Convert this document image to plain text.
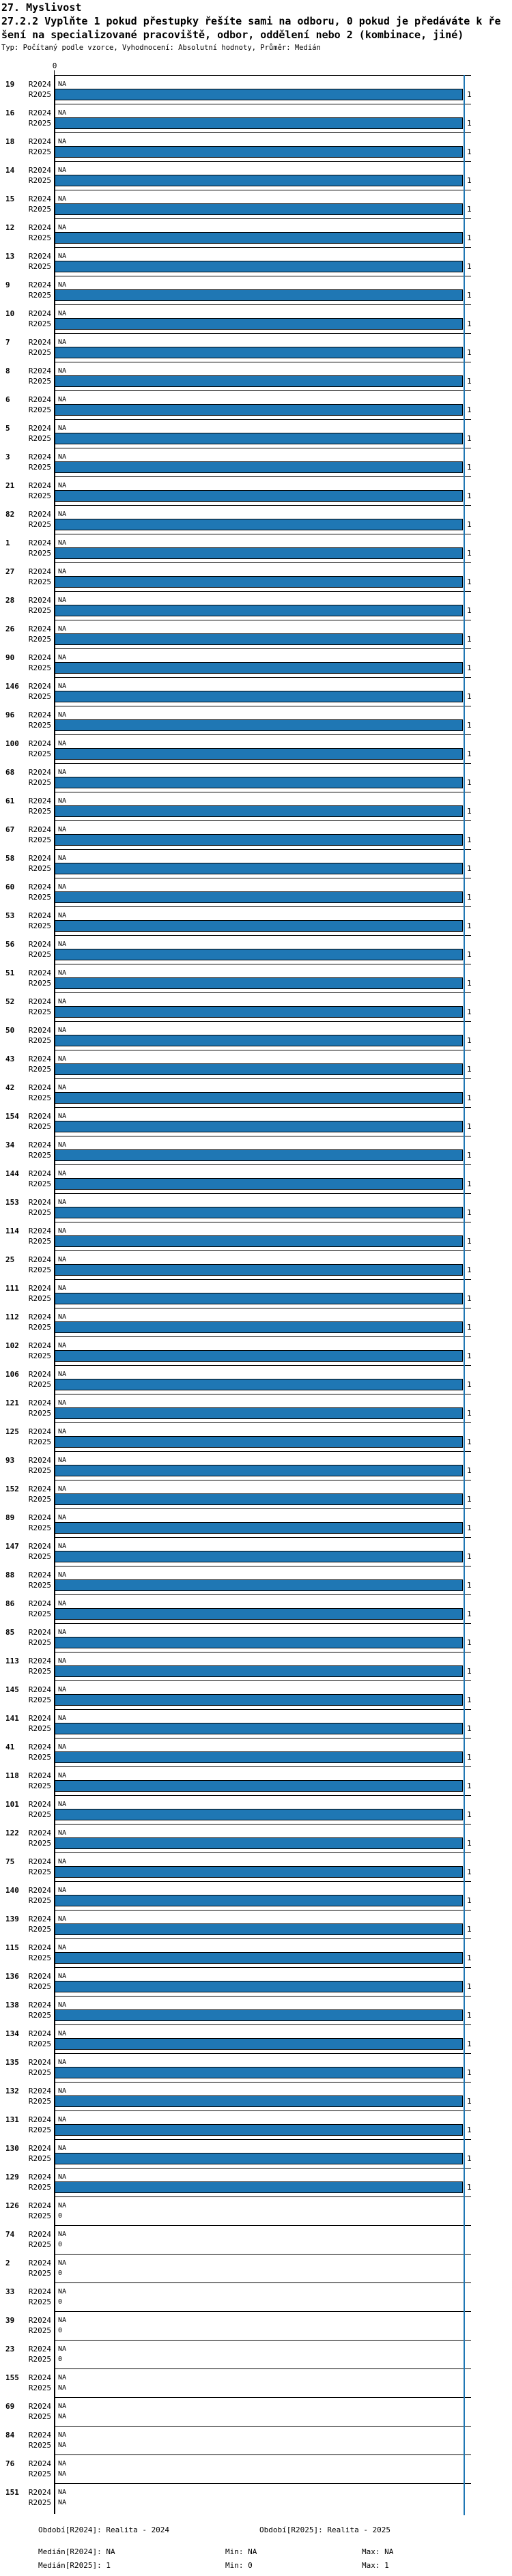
27. Myslivost
27.2.2 Vyplňte 1 pokud přestupky řešíte sami na odboru, 0 pokud je předáváte k ře
šení na specializované pracoviště, odbor, oddělení nebo 2 (kombinace, jiné)
Typ: Počítaný podle vzorce, Vyhodnocení: Absolutní hodnoty, Průměr: Medián
0
19	R2024
R2025
NA
1
16	R2024
R2025
NA
1
18	R2024
R2025
NA
1
14	R2024
R2025
NA
1
15	R2024
R2025
NA
1
12	R2024
R2025
NA
1
13	R2024
R2025
NA
1
9	R2024
R2025
NA
1
10	R2024
R2025
NA
1
7	R2024
R2025
NA
1
8	R2024
R2025
NA
1
6	R2024
R2025
NA
1
5	R2024
R2025
NA
1
3	R2024
R2025
NA
1
21	R2024
R2025
NA
1
82	R2024
R2025
NA
1
1	R2024
R2025
NA
1
27	R2024
R2025
NA
1
28	R2024
R2025
NA
1
26	R2024
R2025
NA
1
90	R2024
R2025
NA
1
146	R2024
R2025
NA
1
96	R2024
R2025
NA
1
100	R2024
R2025
NA
1
68	R2024
R2025
NA
1
61	R2024
R2025
NA
1
67	R2024
R2025
NA
1
58	R2024
R2025
NA
1
60	R2024
R2025
NA
1
53	R2024
R2025
NA
1
56	R2024
R2025
NA
1
51	R2024
R2025
NA
1
52	R2024
R2025
NA
1
50	R2024
R2025
NA
1
43	R2024
R2025
NA
1
42	R2024
R2025
NA
1
154	R2024
R2025
NA
1
34	R2024
R2025
NA
1
144	R2024
R2025
NA
1
153	R2024
R2025
NA
1
114	R2024
R2025
NA
1
25	R2024
R2025
NA
1
111	R2024
R2025
NA
1
112	R2024
R2025
NA
1
102	R2024
R2025
NA
1
106	R2024
R2025
NA
1
121	R2024
R2025
NA
1
125	R2024
R2025
NA
1
93	R2024
R2025
NA
1
152	R2024
R2025
NA
1
89	R2024
R2025
NA
1
147	R2024
R2025
NA
1
88	R2024
R2025
NA
1
86	R2024
R2025
NA
1
85	R2024
R2025
NA
1
113	R2024
R2025
NA
1
145	R2024
R2025
NA
1
141	R2024
R2025
NA
1
41	R2024
R2025
NA
1
118	R2024
R2025
NA
1
101	R2024
R2025
NA
1
122	R2024
R2025
NA
1
75	R2024
R2025
NA
1
140	R2024
R2025
NA
1
139	R2024
R2025
NA
1
115	R2024
R2025
NA
1
136	R2024
R2025
NA
1
138	R2024
R2025
NA
1
134	R2024
R2025
NA
1
135	R2024
R2025
NA
1
132	R2024
R2025
NA
1
131	R2024
R2025
NA
1
130	R2024
R2025
NA
1
129	R2024
R2025
NA
1
126	R2024
R2025
NA
0
74	R2024
R2025
NA
0
2	R2024
R2025
NA
0
33	R2024
R2025
NA
0
39	R2024
R2025
NA
0
23	R2024
R2025
NA
0
155	R2024
R2025
NA
NA
69	R2024
R2025
NA
NA
84	R2024
R2025
NA
NA
76	R2024
R2025
NA
NA
151	R2024
R2025
NA
NA
Období[R2024]: Realita - 2024	Období[R2025]: Realita - 2025
Medián[R2024]: NA	Min: NA	Max: NA
Medián[R2025]: 1	Min: 0	Max: 1
